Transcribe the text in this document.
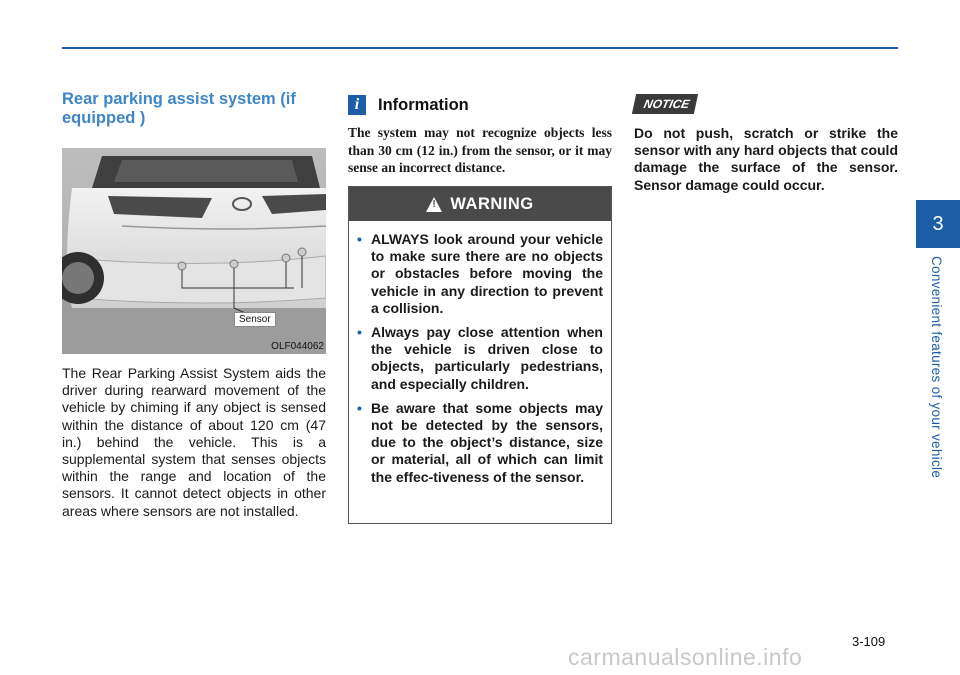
3
Convenient features of your vehicle
Rear parking assist system (if equipped )
Sensor
OLF044062

The Rear Parking Assist System aids the driver during rearward movement of the vehicle by chiming if any object is sensed within the distance of about 120 cm (47 in.) behind the vehicle. This is a supplemental system that senses objects within the range and location of the sensors. It cannot detect objects in other areas where sensors are not installed.

i	Information

The system may not recognize objects less than 30 cm (12 in.) from the sensor, or it may sense an incorrect distance.

! WARNING
• ALWAYS look around your vehicle to make sure there are no objects or obstacles before moving the vehicle in any direction to prevent a collision.
• Always pay close attention when the vehicle is driven close to objects, particularly pedestrians, and especially children.
• Be aware that some objects may not be detected by the sensors, due to the object’s distance, size or material, all of which can limit the effec-tiveness of the sensor.
NOTICE

Do not push, scratch or strike the sensor with any hard objects that could damage the surface of the sensor. Sensor damage could occur.

3-109
carmanualsonline.info
